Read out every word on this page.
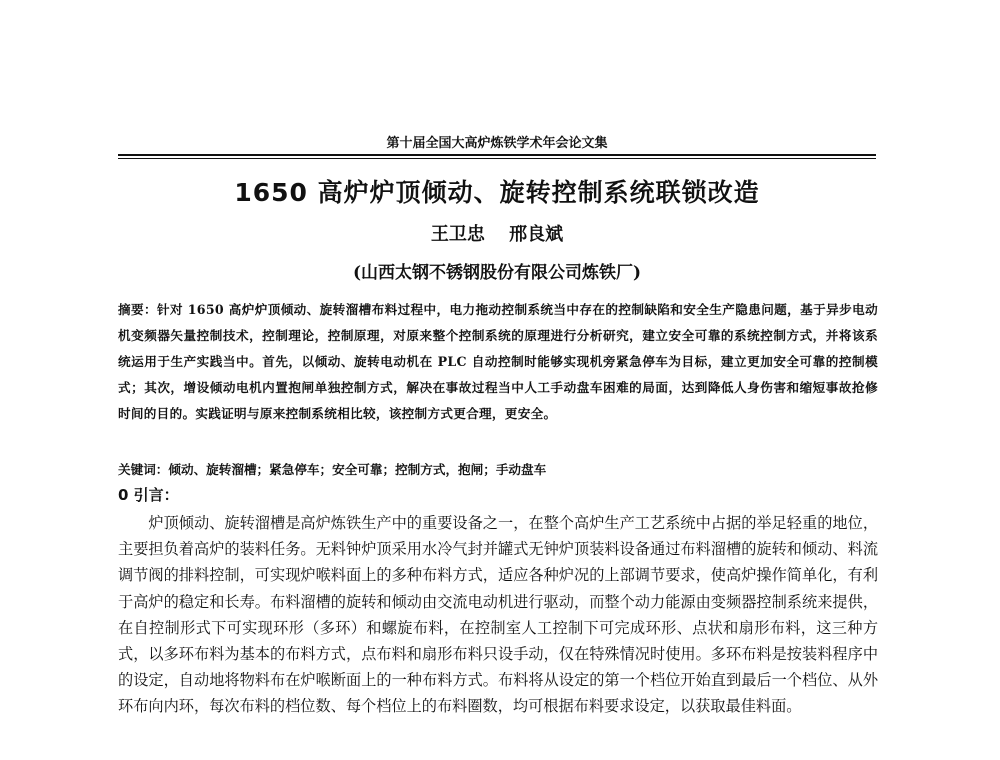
第十届全国大高炉炼铁学术年会论文集
1650 高炉炉顶倾动、旋转控制系统联锁改造
王卫忠 邢良斌
(山西太钢不锈钢股份有限公司炼铁厂)
摘要：针对 1650 高炉炉顶倾动、旋转溜槽布料过程中，电力拖动控制系统当中存在的控制缺陷和安全生产隐患问题，基于异步电动机变频器矢量控制技术，控制理论，控制原理，对原来整个控制系统的原理进行分析研究，建立安全可靠的系统控制方式，并将该系统运用于生产实践当中。首先，以倾动、旋转电动机在 PLC 自动控制时能够实现机旁紧急停车为目标，建立更加安全可靠的控制模式；其次，增设倾动电机内置抱闸单独控制方式，解决在事故过程当中人工手动盘车困难的局面，达到降低人身伤害和缩短事故抢修时间的目的。实践证明与原来控制系统相比较，该控制方式更合理，更安全。
关键词：倾动、旋转溜槽；紧急停车；安全可靠；控制方式，抱闸；手动盘车
0 引言：
炉顶倾动、旋转溜槽是高炉炼铁生产中的重要设备之一，在整个高炉生产工艺系统中占据的举足轻重的地位，主要担负着高炉的装料任务。无料钟炉顶采用水冷气封并罐式无钟炉顶装料设备通过布料溜槽的旋转和倾动、料流调节阀的排料控制，可实现炉喉料面上的多种布料方式，适应各种炉况的上部调节要求，使高炉操作简单化，有利于高炉的稳定和长寿。布料溜槽的旋转和倾动由交流电动机进行驱动，而整个动力能源由变频器控制系统来提供，在自控制形式下可实现环形（多环）和螺旋布料，在控制室人工控制下可完成环形、点状和扇形布料，这三种方式，以多环布料为基本的布料方式，点布料和扇形布料只设手动，仅在特殊情况时使用。多环布料是按装料程序中的设定，自动地将物料布在炉喉断面上的一种布料方式。布料将从设定的第一个档位开始直到最后一个档位、从外环布向内环，每次布料的档位数、每个档位上的布料圈数，均可根据布料要求设定，以获取最佳料面。
